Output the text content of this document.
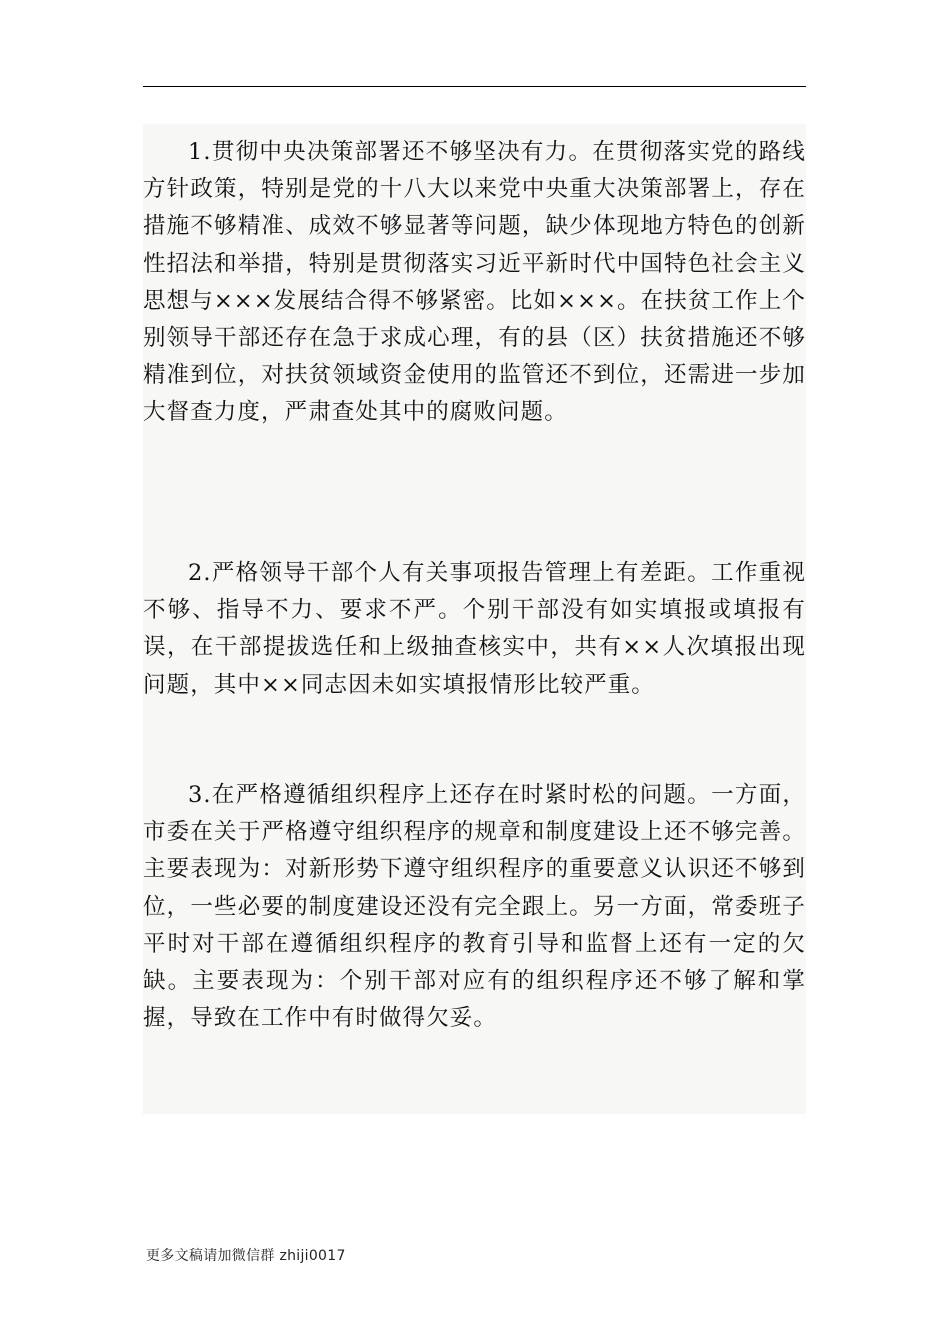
1.贯彻中央决策部署还不够坚决有力。在贯彻落实党的路线方针政策，特别是党的十八大以来党中央重大决策部署上，存在措施不够精准、成效不够显著等问题，缺少体现地方特色的创新性招法和举措，特别是贯彻落实习近平新时代中国特色社会主义思想与×××发展结合得不够紧密。比如×××。在扶贫工作上个别领导干部还存在急于求成心理，有的县（区）扶贫措施还不够精准到位，对扶贫领域资金使用的监管还不到位，还需进一步加大督查力度，严肃查处其中的腐败问题。

2.严格领导干部个人有关事项报告管理上有差距。工作重视不够、指导不力、要求不严。个别干部没有如实填报或填报有误，在干部提拔选任和上级抽查核实中，共有××人次填报出现问题，其中××同志因未如实填报情形比较严重。

3.在严格遵循组织程序上还存在时紧时松的问题。一方面，市委在关于严格遵守组织程序的规章和制度建设上还不够完善。主要表现为：对新形势下遵守组织程序的重要意义认识还不够到位，一些必要的制度建设还没有完全跟上。另一方面，常委班子平时对干部在遵循组织程序的教育引导和监督上还有一定的欠缺。主要表现为：个别干部对应有的组织程序还不够了解和掌握，导致在工作中有时做得欠妥。

更多文稿请加微信群 zhiji0017
